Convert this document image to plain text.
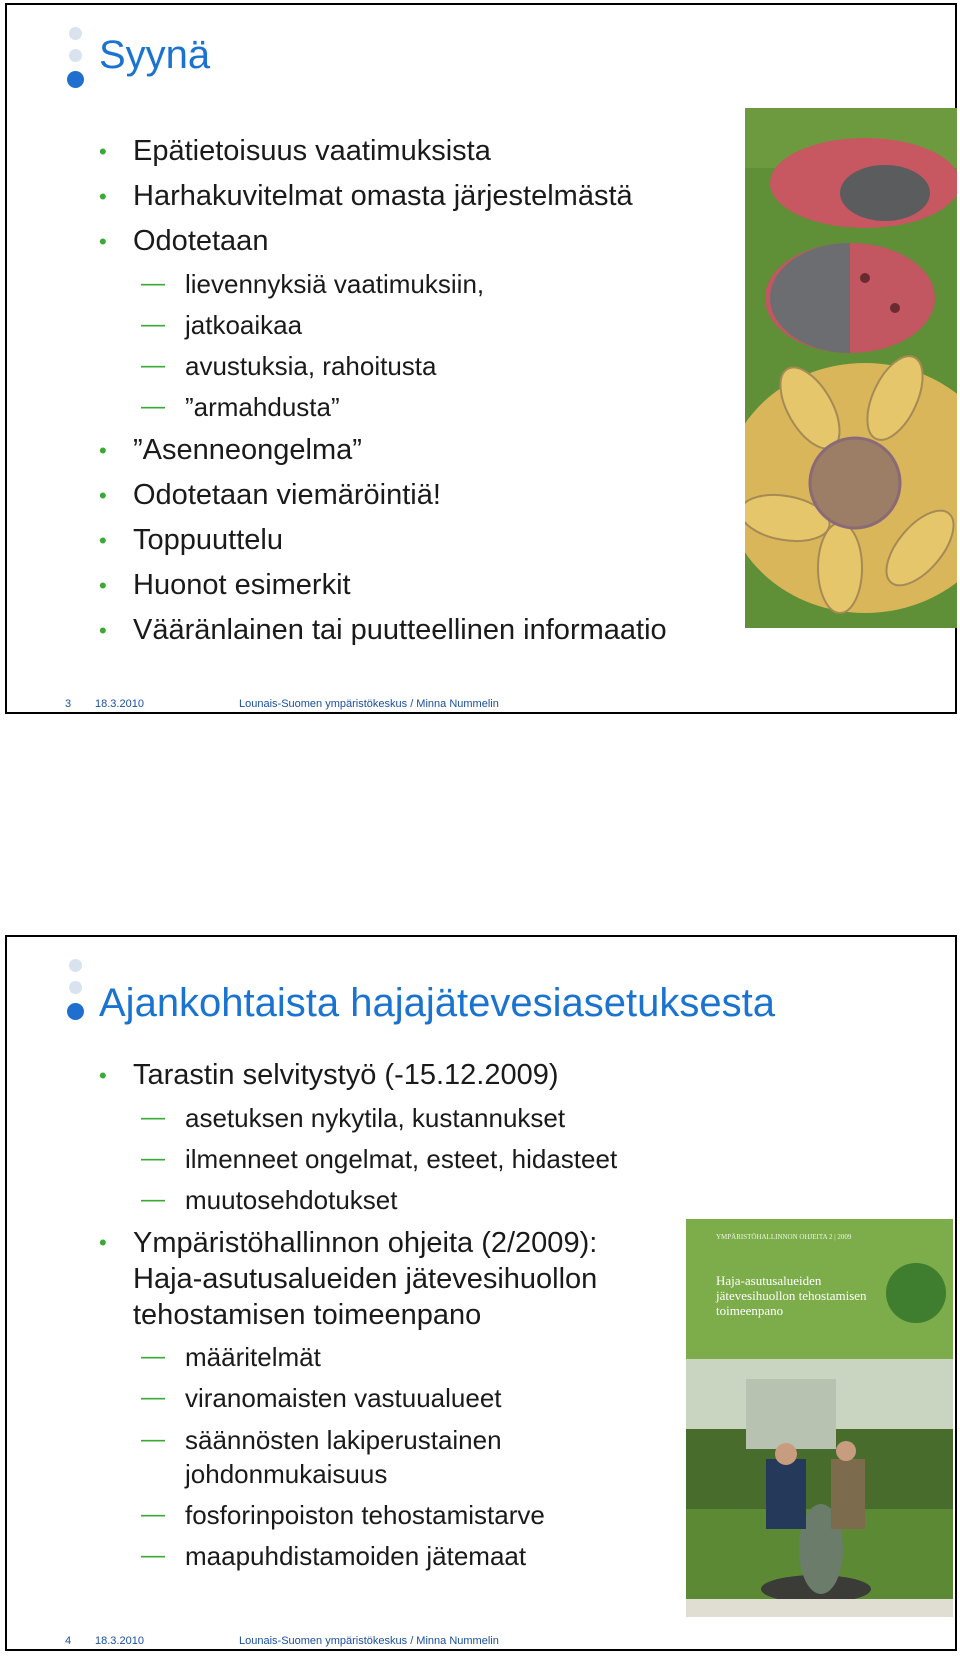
Syynä
• Epätietoisuus vaatimuksista
• Harhakuvitelmat omasta järjestelmästä
• Odotetaan
— lievennyksiä vaatimuksiin,
— jatkoaikaa
— avustuksia, rahoitusta
— ”armahdusta”
• ”Asenneongelma”
• Odotetaan viemäröintiä!
• Toppuuttelu
• Huonot esimerkit
• Vääränlainen tai puutteellinen informaatio
3 18.3.2010	Lounais-Suomen ympäristökeskus / Minna Nummelin
Ajankohtaista hajajätevesiasetuksesta
• Tarastin selvitystyö (-15.12.2009)
— asetuksen nykytila, kustannukset
— ilmenneet ongelmat, esteet, hidasteet
— muutosehdotukset
• Ympäristöhallinnon ohjeita (2/2009): Haja-asutusalueiden jätevesihuollon tehostamisen toimeenpano
— määritelmät
— viranomaisten vastuualueet
— säännösten lakiperustainen johdonmukaisuus
— fosforinpoiston tehostamistarve
— maapuhdistamoiden jätemaat
YMPÄRISTÖHALLINNON OHJEITA 2 | 2009
Haja-asutusalueiden jätevesihuollon tehostamisen toimeenpano
4 18.3.2010	Lounais-Suomen ympäristökeskus / Minna Nummelin
